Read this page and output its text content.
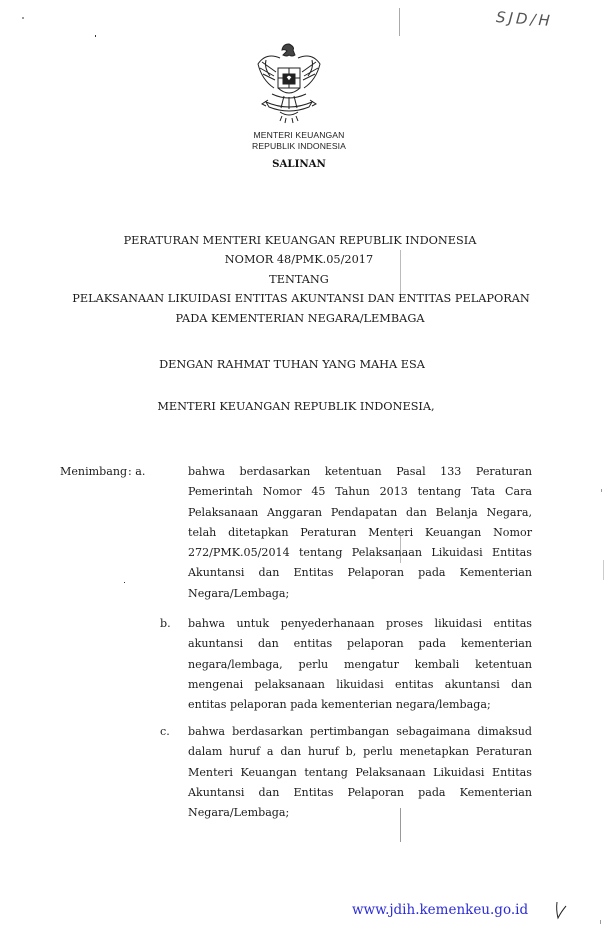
SJD/H
MENTERI KEUANGAN
REPUBLIK INDONESIA
SALINAN
PERATURAN MENTERI KEUANGAN REPUBLIK INDONESIA
NOMOR 48/PMK.05/2017
TENTANG
PELAKSANAAN LIKUIDASI ENTITAS AKUNTANSI DAN ENTITAS PELAPORAN
PADA KEMENTERIAN NEGARA/LEMBAGA
DENGAN RAHMAT TUHAN YANG MAHA ESA
MENTERI KEUANGAN REPUBLIK INDONESIA,
Menimbang : a.	bahwa berdasarkan ketentuan Pasal 133 Peraturan Pemerintah Nomor 45 Tahun 2013 tentang Tata Cara Pelaksanaan Anggaran Pendapatan dan Belanja Negara, telah ditetapkan Peraturan Menteri Keuangan Nomor 272/PMK.05/2014 tentang Pelaksanaan Likuidasi Entitas Akuntansi dan Entitas Pelaporan pada Kementerian Negara/Lembaga;
b.	bahwa untuk penyederhanaan proses likuidasi entitas akuntansi dan entitas pelaporan pada kementerian negara/lembaga, perlu mengatur kembali ketentuan mengenai pelaksanaan likuidasi entitas akuntansi dan entitas pelaporan pada kementerian negara/lembaga;
c.	bahwa berdasarkan pertimbangan sebagaimana dimaksud dalam huruf a dan huruf b, perlu menetapkan Peraturan Menteri Keuangan tentang Pelaksanaan Likuidasi Entitas Akuntansi dan Entitas Pelaporan pada Kementerian Negara/Lembaga;
www.jdih.kemenkeu.go.id
